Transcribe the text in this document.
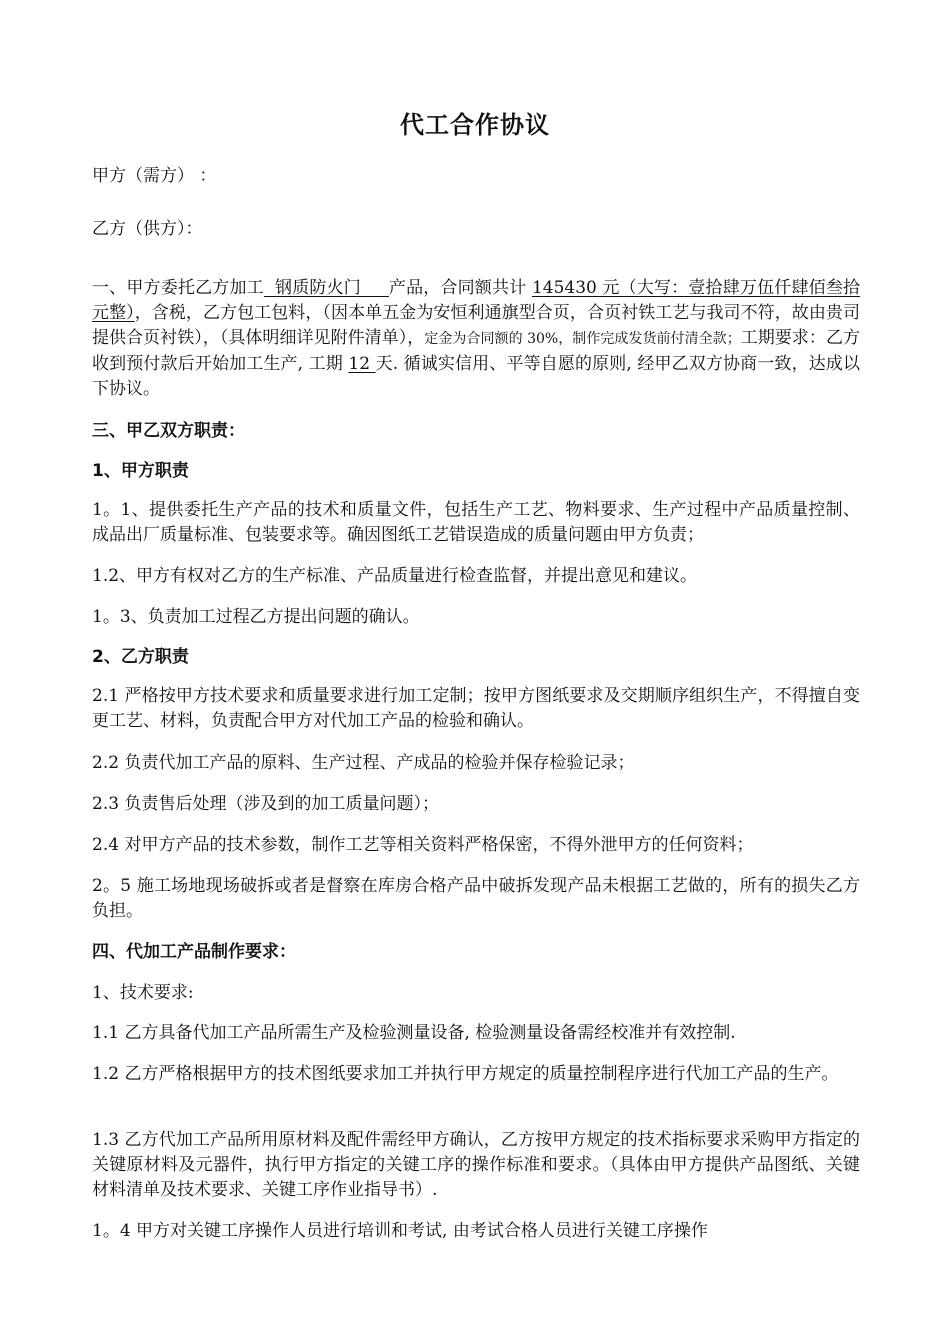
代工合作协议
甲方（需方） ：
乙方（供方）：
一、甲方委托乙方加工  钢质防火门     产品，合同额共计 145430 元（大写：壹拾肆万伍仟肆佰叁拾元整），含税，乙方包工包料，（因本单五金为安恒利通旗型合页，合页衬铁工艺与我司不符，故由贵司提供合页衬铁），（具体明细详见附件清单），定金为合同额的 30%，制作完成发货前付清全款；工期要求：乙方收到预付款后开始加工生产, 工期 12 天. 循诚实信用、平等自愿的原则, 经甲乙双方协商一致，达成以下协议。
三、甲乙双方职责：
1、甲方职责
1。1、提供委托生产产品的技术和质量文件，包括生产工艺、物料要求、生产过程中产品质量控制、成品出厂质量标准、包装要求等。确因图纸工艺错误造成的质量问题由甲方负责；
1.2、甲方有权对乙方的生产标准、产品质量进行检查监督，并提出意见和建议。
1。3、负责加工过程乙方提出问题的确认。
2、乙方职责
2.1 严格按甲方技术要求和质量要求进行加工定制；按甲方图纸要求及交期顺序组织生产，不得擅自变更工艺、材料，负责配合甲方对代加工产品的检验和确认。
2.2 负责代加工产品的原料、生产过程、产成品的检验并保存检验记录；
2.3 负责售后处理（涉及到的加工质量问题）；
2.4 对甲方产品的技术参数，制作工艺等相关资料严格保密，不得外泄甲方的任何资料；
2。5 施工场地现场破拆或者是督察在库房合格产品中破拆发现产品未根据工艺做的，所有的损失乙方负担。
四、代加工产品制作要求：
1、技术要求:
1.1 乙方具备代加工产品所需生产及检验测量设备, 检验测量设备需经校准并有效控制.
1.2 乙方严格根据甲方的技术图纸要求加工并执行甲方规定的质量控制程序进行代加工产品的生产。
1.3 乙方代加工产品所用原材料及配件需经甲方确认，乙方按甲方规定的技术指标要求采购甲方指定的关键原材料及元器件，执行甲方指定的关键工序的操作标准和要求。（具体由甲方提供产品图纸、关键材料清单及技术要求、关键工序作业指导书）.
1。4 甲方对关键工序操作人员进行培训和考试, 由考试合格人员进行关键工序操作
